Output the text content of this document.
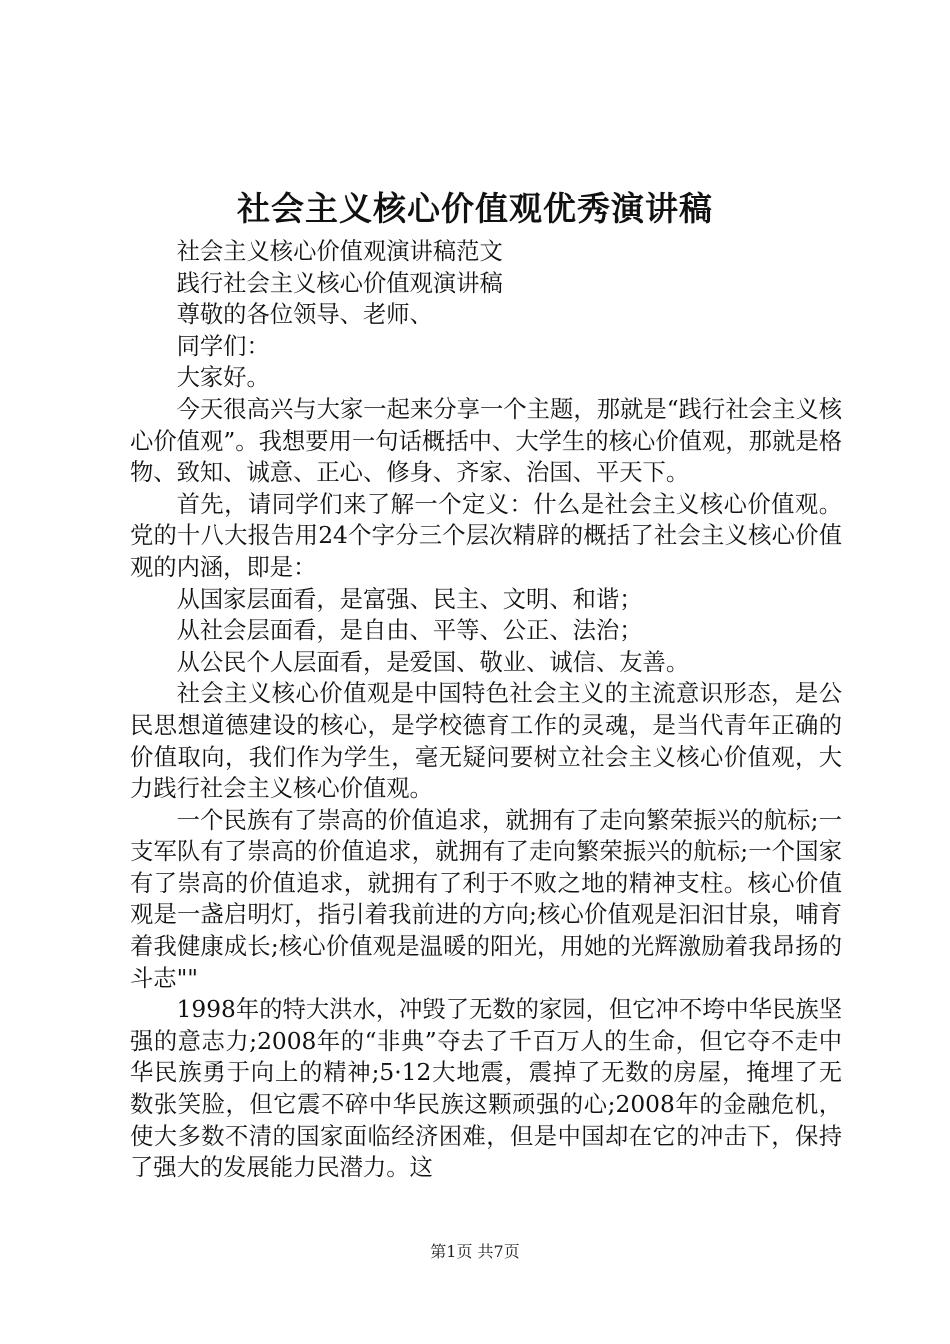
社会主义核心价值观优秀演讲稿

社会主义核心价值观演讲稿范文

践行社会主义核心价值观演讲稿

尊敬的各位领导、老师、

同学们：

大家好。

今天很高兴与大家一起来分享一个主题，那就是“践行社会主义核心价值观”。我想要用一句话概括中、大学生的核心价值观，那就是格物、致知、诚意、正心、修身、齐家、治国、平天下。

首先，请同学们来了解一个定义：什么是社会主义核心价值观。党的十八大报告用24个字分三个层次精辟的概括了社会主义核心价值观的内涵，即是：

从国家层面看，是富强、民主、文明、和谐；

从社会层面看，是自由、平等、公正、法治；

从公民个人层面看，是爱国、敬业、诚信、友善。

社会主义核心价值观是中国特色社会主义的主流意识形态，是公民思想道德建设的核心，是学校德育工作的灵魂，是当代青年正确的价值取向，我们作为学生，毫无疑问要树立社会主义核心价值观，大力践行社会主义核心价值观。

一个民族有了崇高的价值追求，就拥有了走向繁荣振兴的航标;一支军队有了崇高的价值追求，就拥有了走向繁荣振兴的航标;一个国家有了崇高的价值追求，就拥有了利于不败之地的精神支柱。核心价值观是一盏启明灯，指引着我前进的方向;核心价值观是汩汩甘泉，哺育着我健康成长;核心价值观是温暖的阳光，用她的光辉激励着我昂扬的斗志""

1998年的特大洪水，冲毁了无数的家园，但它冲不垮中华民族坚强的意志力;2008年的“非典”夺去了千百万人的生命，但它夺不走中华民族勇于向上的精神;5·12大地震，震掉了无数的房屋，掩埋了无数张笑脸，但它震不碎中华民族这颗顽强的心;2008年的金融危机，使大多数不清的国家面临经济困难，但是中国却在它的冲击下，保持了强大的发展能力民潜力。这

第1页 共7页
